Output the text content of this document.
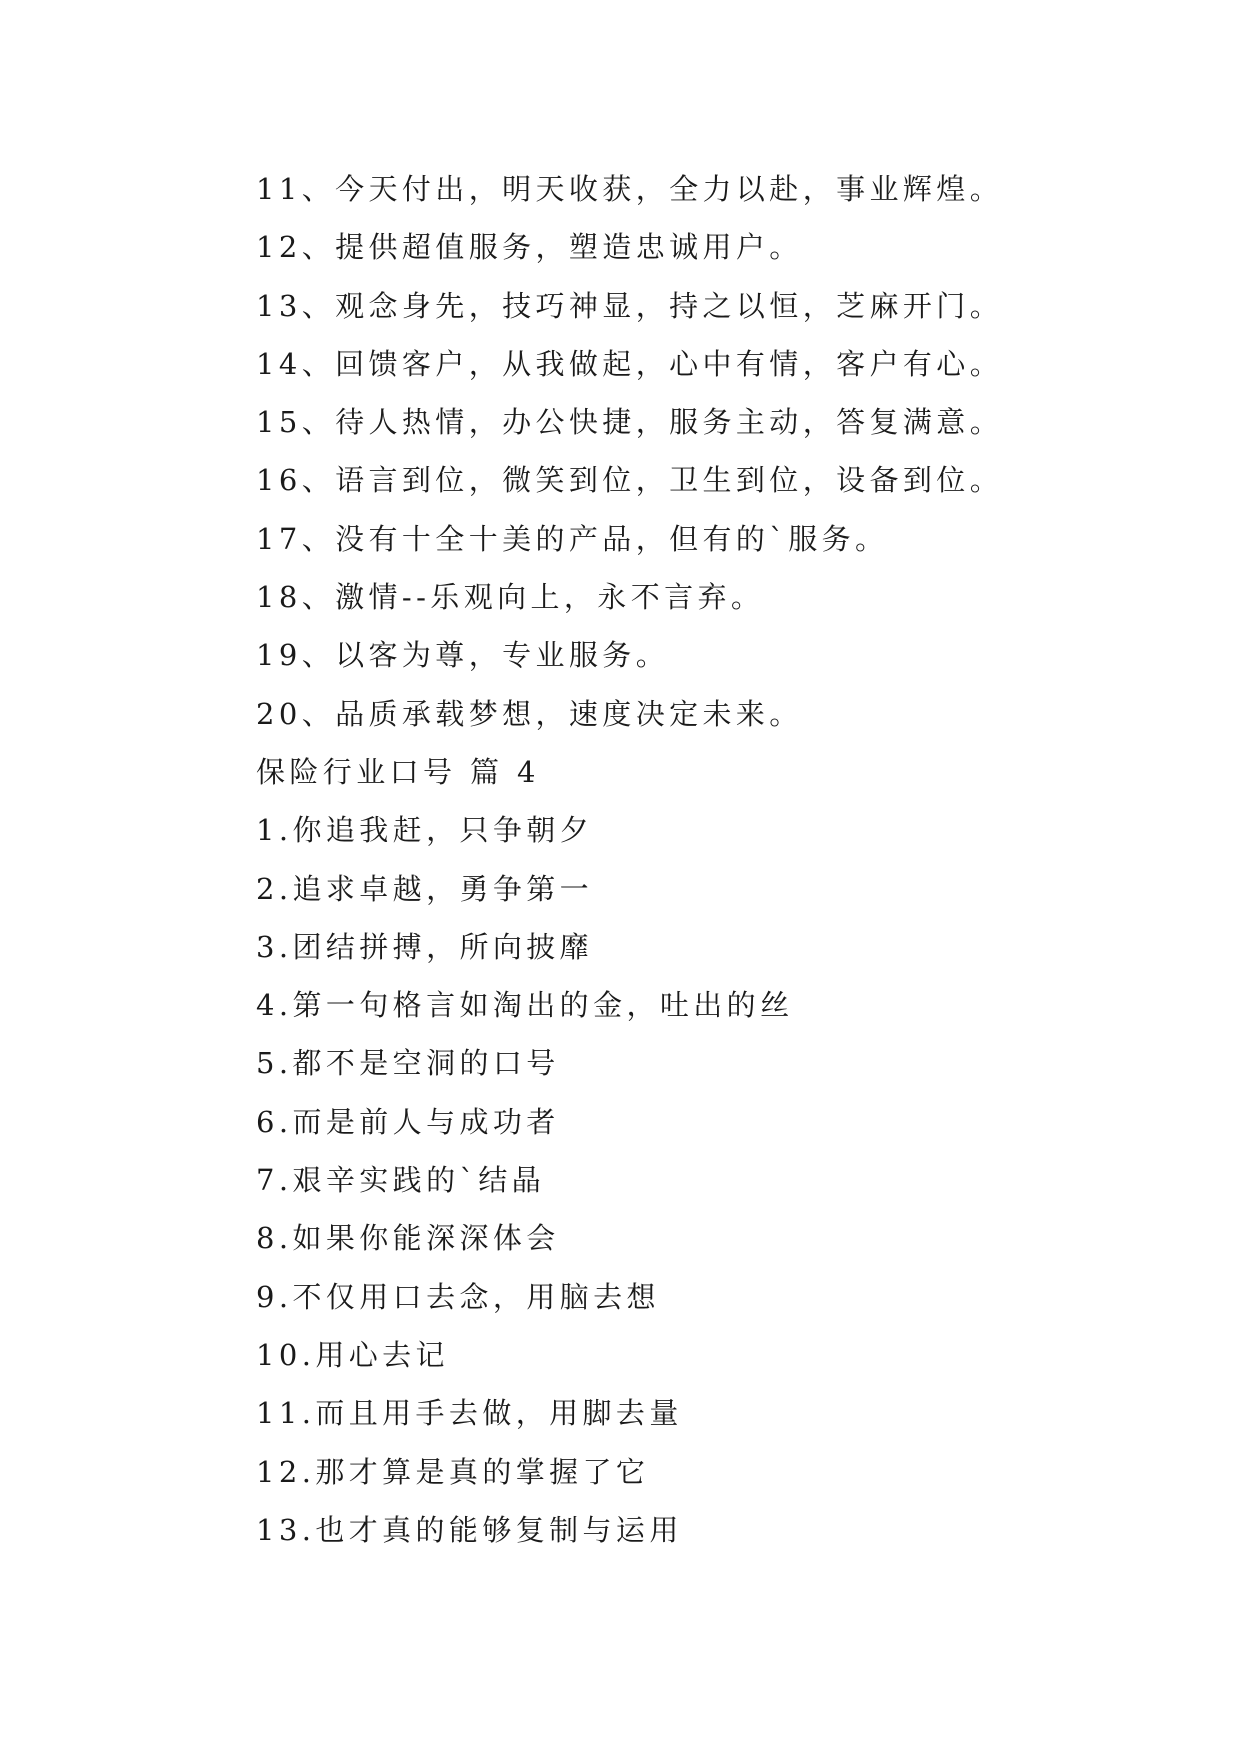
11、今天付出，明天收获，全力以赴，事业辉煌。
12、提供超值服务，塑造忠诚用户。
13、观念身先，技巧神显，持之以恒，芝麻开门。
14、回馈客户，从我做起，心中有情，客户有心。
15、待人热情，办公快捷，服务主动，答复满意。
16、语言到位，微笑到位，卫生到位，设备到位。
17、没有十全十美的产品，但有的`服务。
18、激情--乐观向上，永不言弃。
19、以客为尊，专业服务。
20、品质承载梦想，速度决定未来。
保险行业口号 篇 4
1.你追我赶，只争朝夕
2.追求卓越，勇争第一
3.团结拼搏，所向披靡
4.第一句格言如淘出的金，吐出的丝
5.都不是空洞的口号
6.而是前人与成功者
7.艰辛实践的`结晶
8.如果你能深深体会
9.不仅用口去念，用脑去想
10.用心去记
11.而且用手去做，用脚去量
12.那才算是真的掌握了它
13.也才真的能够复制与运用
